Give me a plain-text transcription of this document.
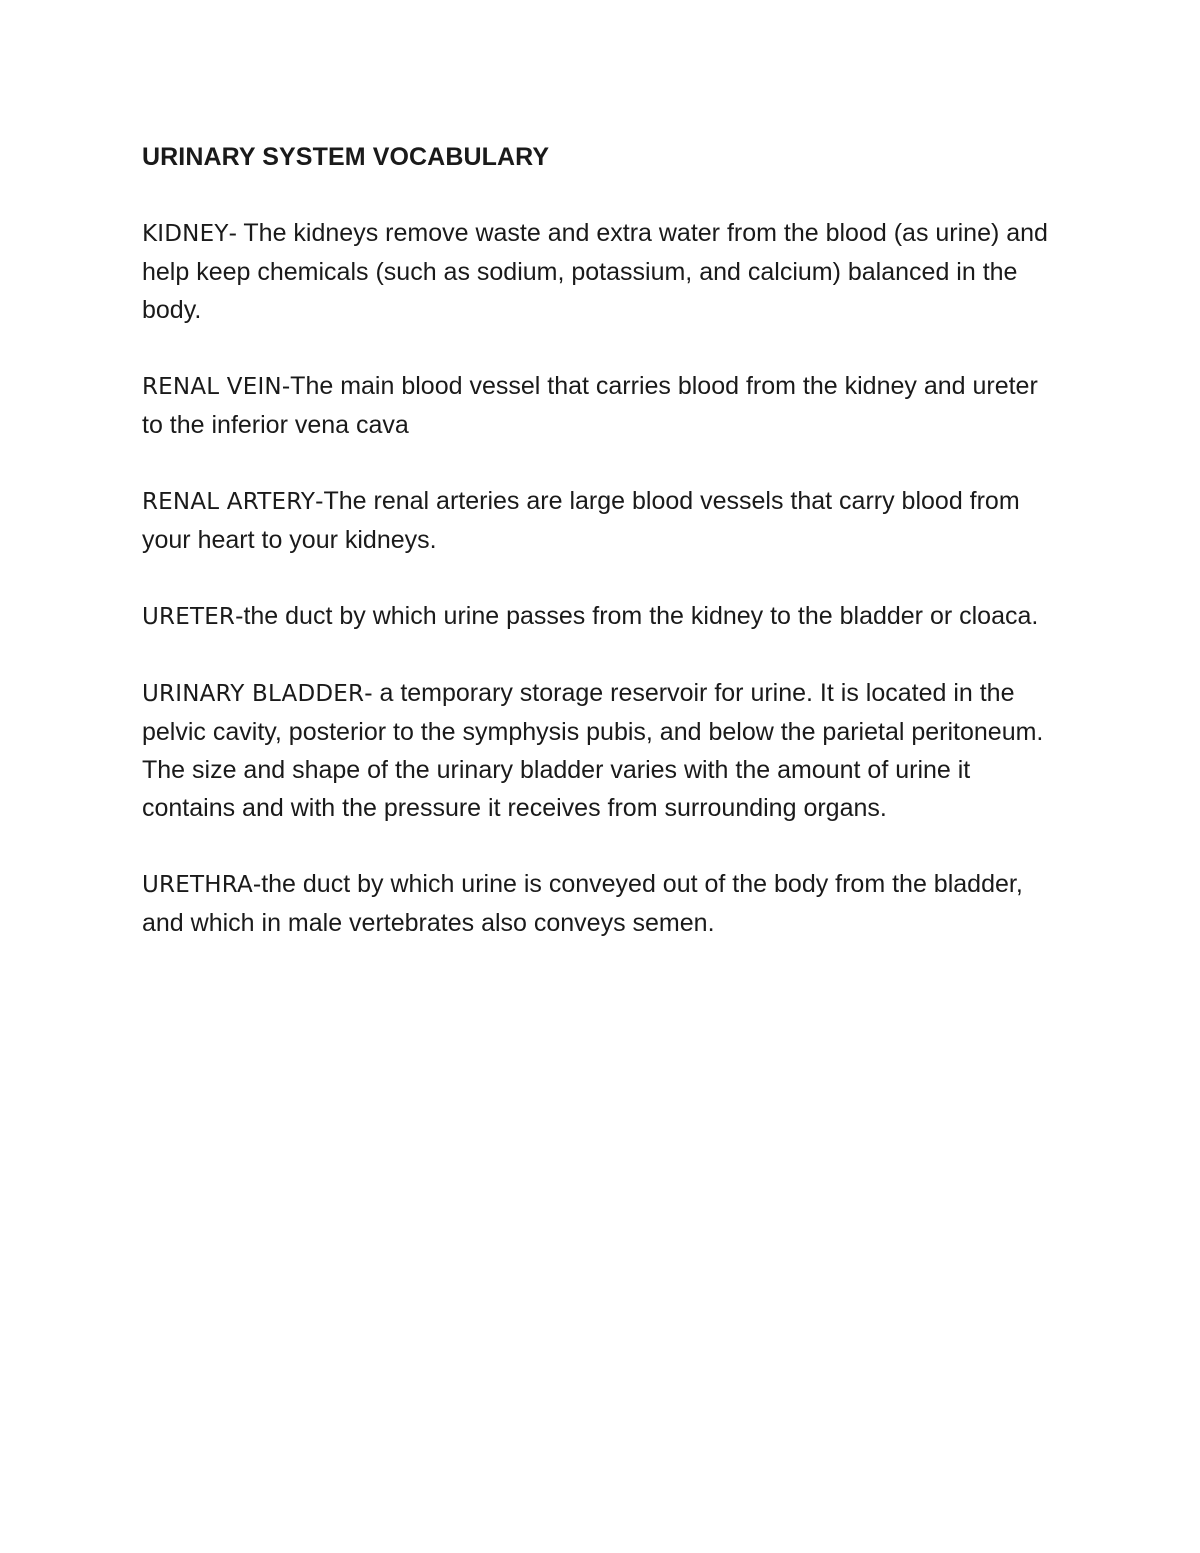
URINARY SYSTEM VOCABULARY

KIDNEY- The kidneys remove waste and extra water from the blood (as urine) and help keep chemicals (such as sodium, potassium, and calcium) balanced in the body.

RENAL VEIN-The main blood vessel that carries blood from the kidney and ureter to the inferior vena cava

RENAL ARTERY-The renal arteries are large blood vessels that carry blood from your heart to your kidneys.

URETER-the duct by which urine passes from the kidney to the bladder or cloaca.

URINARY BLADDER- a temporary storage reservoir for urine. It is located in the pelvic cavity, posterior to the symphysis pubis, and below the parietal peritoneum. The size and shape of the urinary bladder varies with the amount of urine it contains and with the pressure it receives from surrounding organs.

URETHRA-the duct by which urine is conveyed out of the body from the bladder, and which in male vertebrates also conveys semen.
